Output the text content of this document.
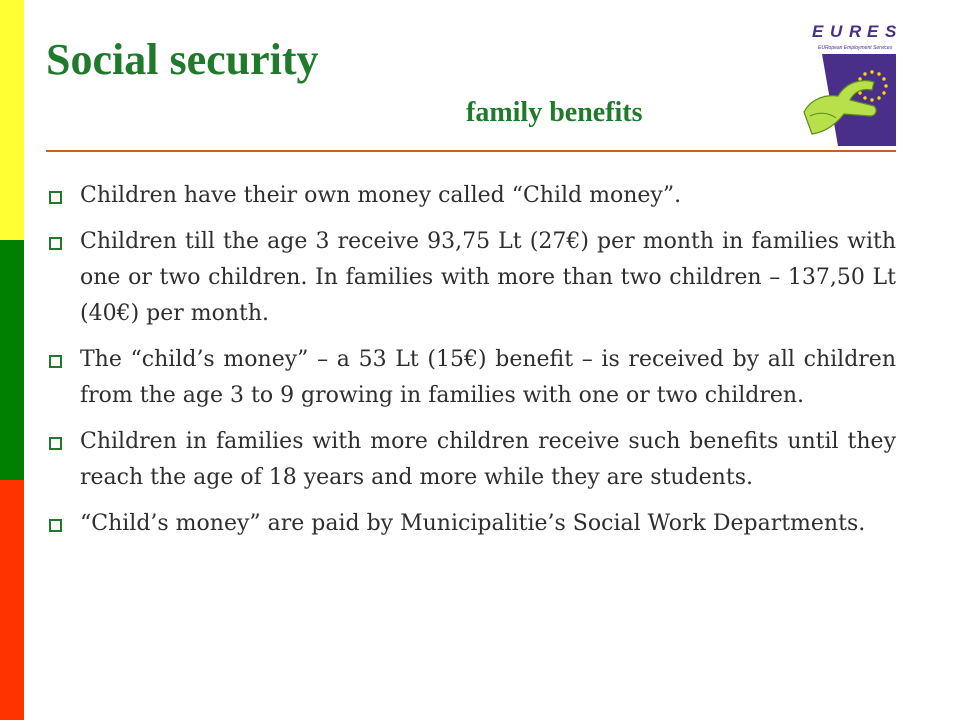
Social security
family benefits
E U R E S
EURopean Employment Services
Children have their own money called “Child money”.
Children till the age 3 receive 93,75 Lt (27€) per month in families with one or two children. In families with more than two children – 137,50 Lt (40€) per month.
The “child’s money” – a 53 Lt (15€) benefit – is received by all children from the age 3 to 9 growing in families with one or two children.
Children in families with more children receive such benefits until they reach the age of 18 years and more while they are students.
“Child’s money” are paid by Municipalitie’s Social Work Departments.
